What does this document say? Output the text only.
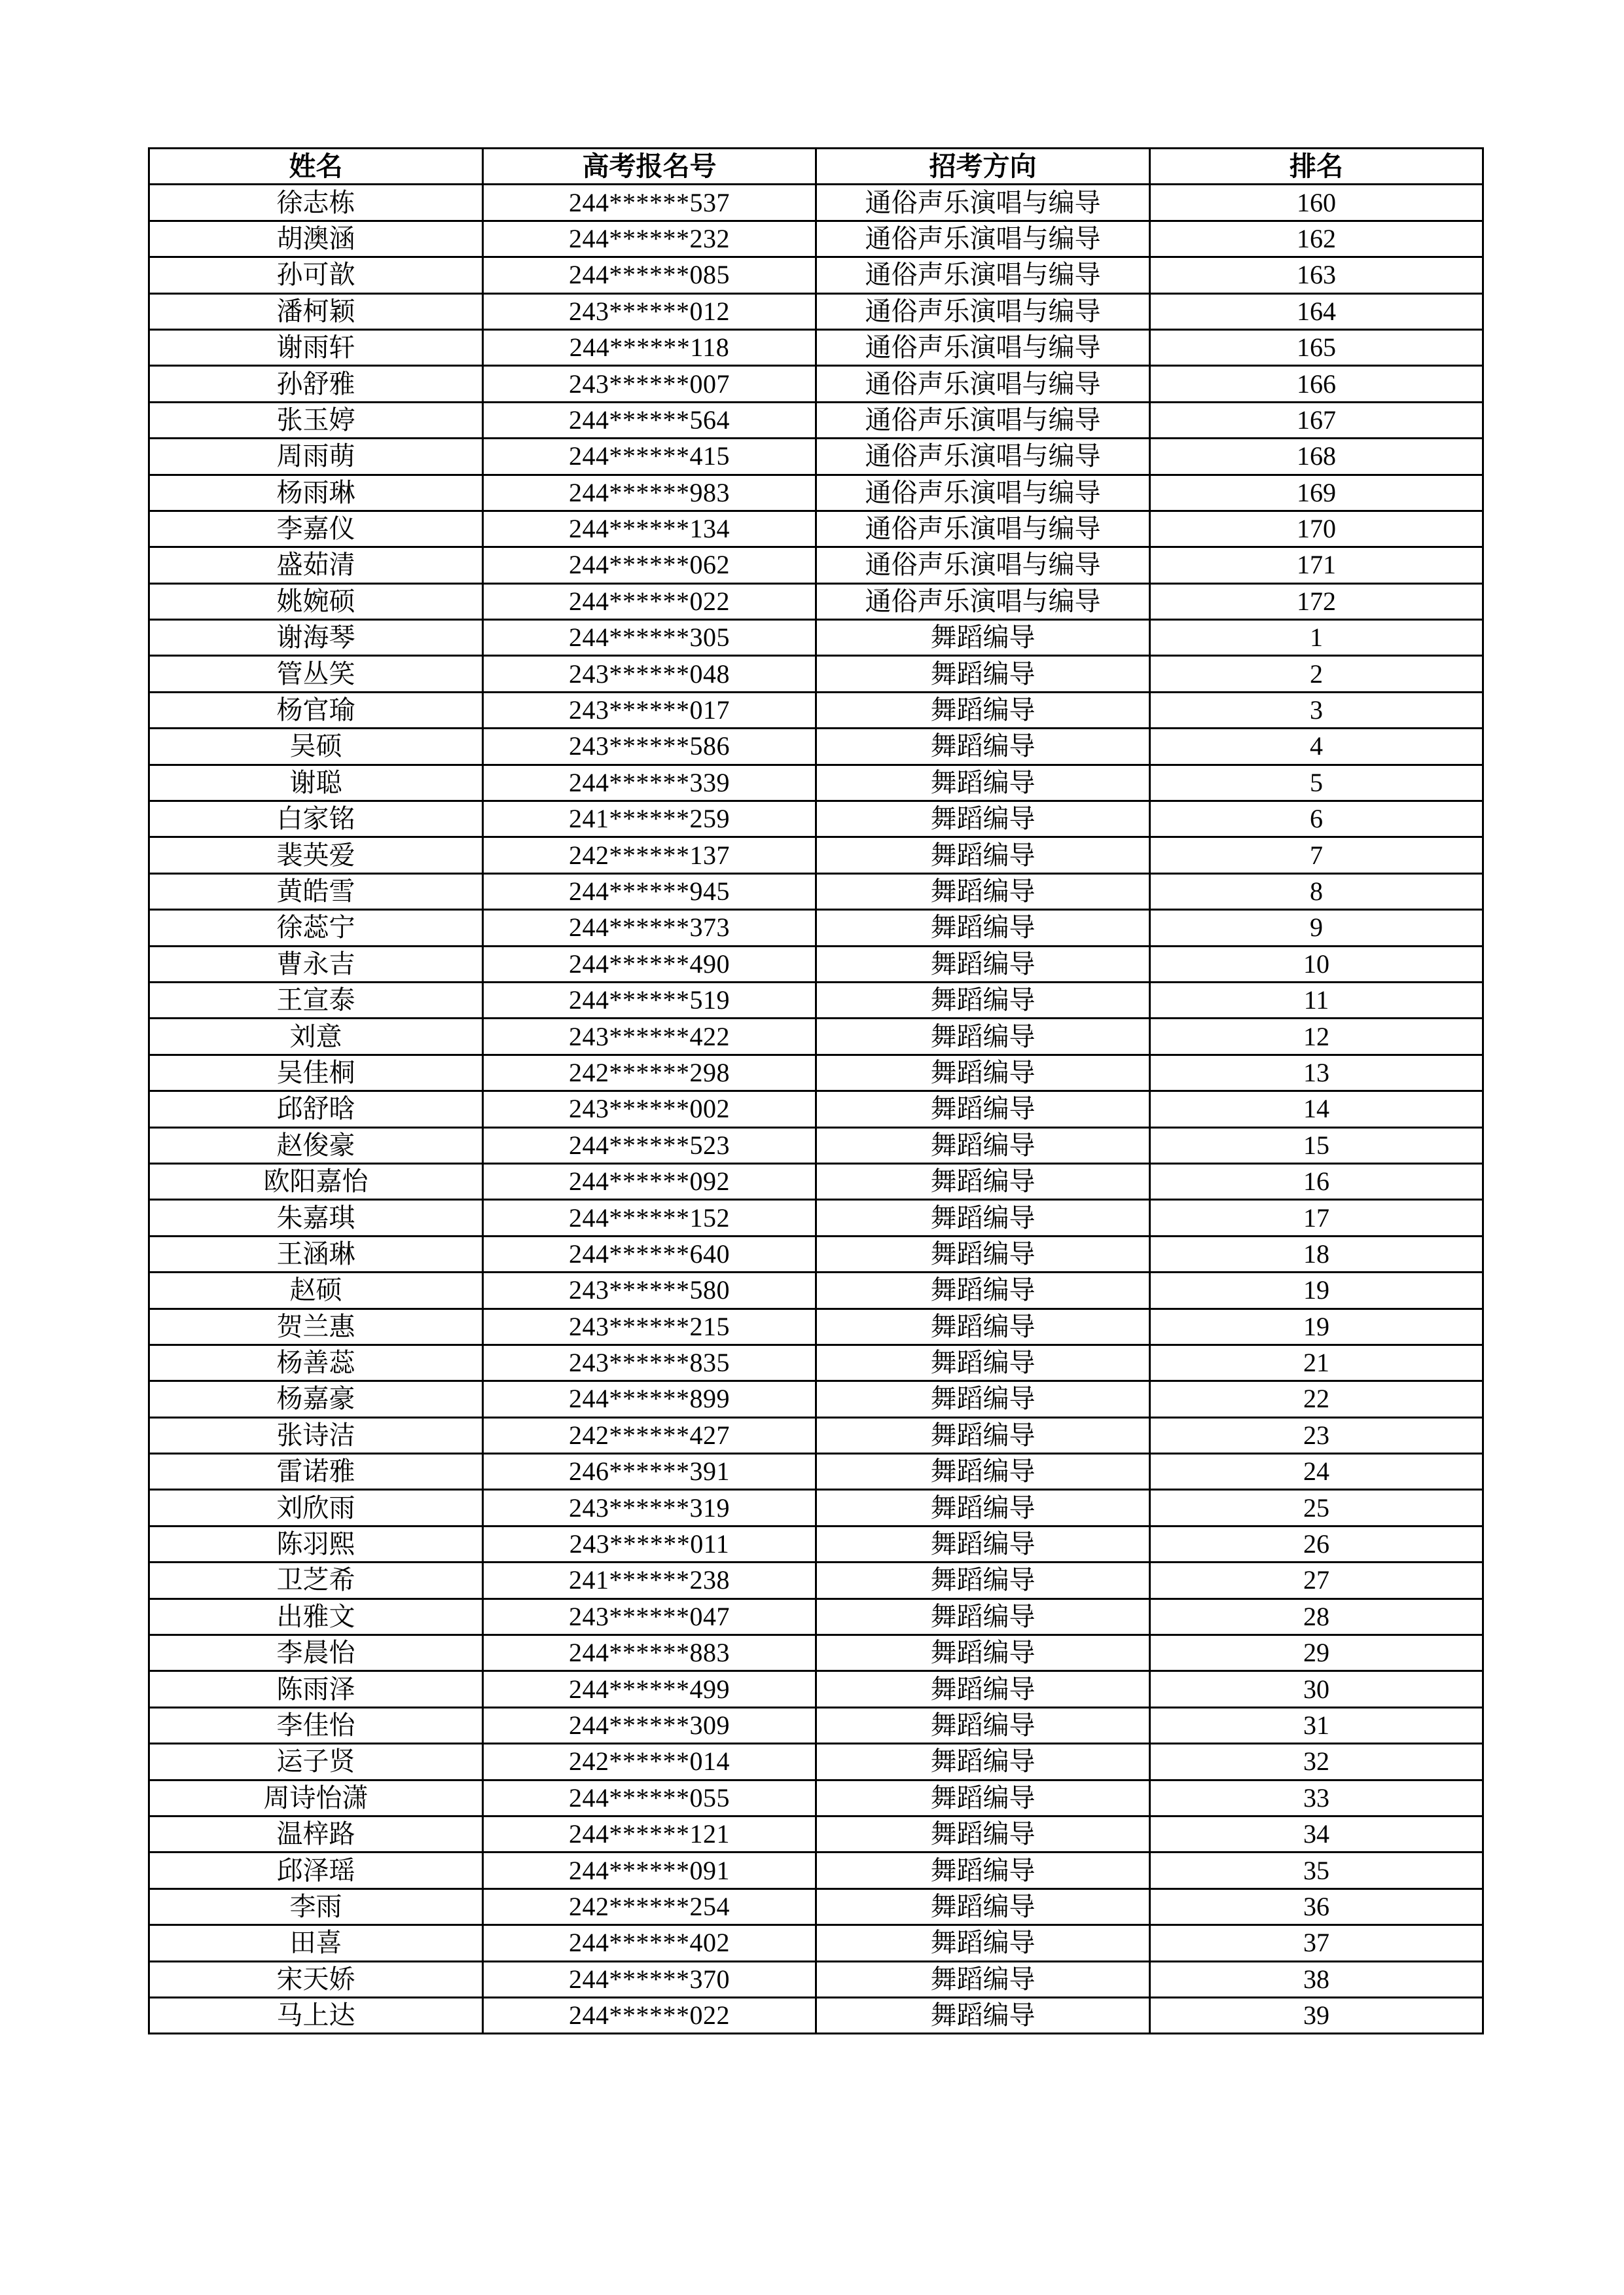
姓名	高考报名号	招考方向	排名
徐志栋	244******537	通俗声乐演唱与编导	160
胡澳涵	244******232	通俗声乐演唱与编导	162
孙可歆	244******085	通俗声乐演唱与编导	163
潘柯颖	243******012	通俗声乐演唱与编导	164
谢雨轩	244******118	通俗声乐演唱与编导	165
孙舒雅	243******007	通俗声乐演唱与编导	166
张玉婷	244******564	通俗声乐演唱与编导	167
周雨萌	244******415	通俗声乐演唱与编导	168
杨雨琳	244******983	通俗声乐演唱与编导	169
李嘉仪	244******134	通俗声乐演唱与编导	170
盛茹清	244******062	通俗声乐演唱与编导	171
姚婉硕	244******022	通俗声乐演唱与编导	172
谢海琴	244******305	舞蹈编导	1
管丛笑	243******048	舞蹈编导	2
杨官瑜	243******017	舞蹈编导	3
吴硕	243******586	舞蹈编导	4
谢聪	244******339	舞蹈编导	5
白家铭	241******259	舞蹈编导	6
裴英爱	242******137	舞蹈编导	7
黄皓雪	244******945	舞蹈编导	8
徐蕊宁	244******373	舞蹈编导	9
曹永吉	244******490	舞蹈编导	10
王宣泰	244******519	舞蹈编导	11
刘意	243******422	舞蹈编导	12
吴佳桐	242******298	舞蹈编导	13
邱舒晗	243******002	舞蹈编导	14
赵俊豪	244******523	舞蹈编导	15
欧阳嘉怡	244******092	舞蹈编导	16
朱嘉琪	244******152	舞蹈编导	17
王涵琳	244******640	舞蹈编导	18
赵硕	243******580	舞蹈编导	19
贺兰惠	243******215	舞蹈编导	19
杨善蕊	243******835	舞蹈编导	21
杨嘉豪	244******899	舞蹈编导	22
张诗洁	242******427	舞蹈编导	23
雷诺雅	246******391	舞蹈编导	24
刘欣雨	243******319	舞蹈编导	25
陈羽熙	243******011	舞蹈编导	26
卫芝希	241******238	舞蹈编导	27
出雅文	243******047	舞蹈编导	28
李晨怡	244******883	舞蹈编导	29
陈雨泽	244******499	舞蹈编导	30
李佳怡	244******309	舞蹈编导	31
运子贤	242******014	舞蹈编导	32
周诗怡潇	244******055	舞蹈编导	33
温梓路	244******121	舞蹈编导	34
邱泽瑶	244******091	舞蹈编导	35
李雨	242******254	舞蹈编导	36
田喜	244******402	舞蹈编导	37
宋天娇	244******370	舞蹈编导	38
马上达	244******022	舞蹈编导	39
